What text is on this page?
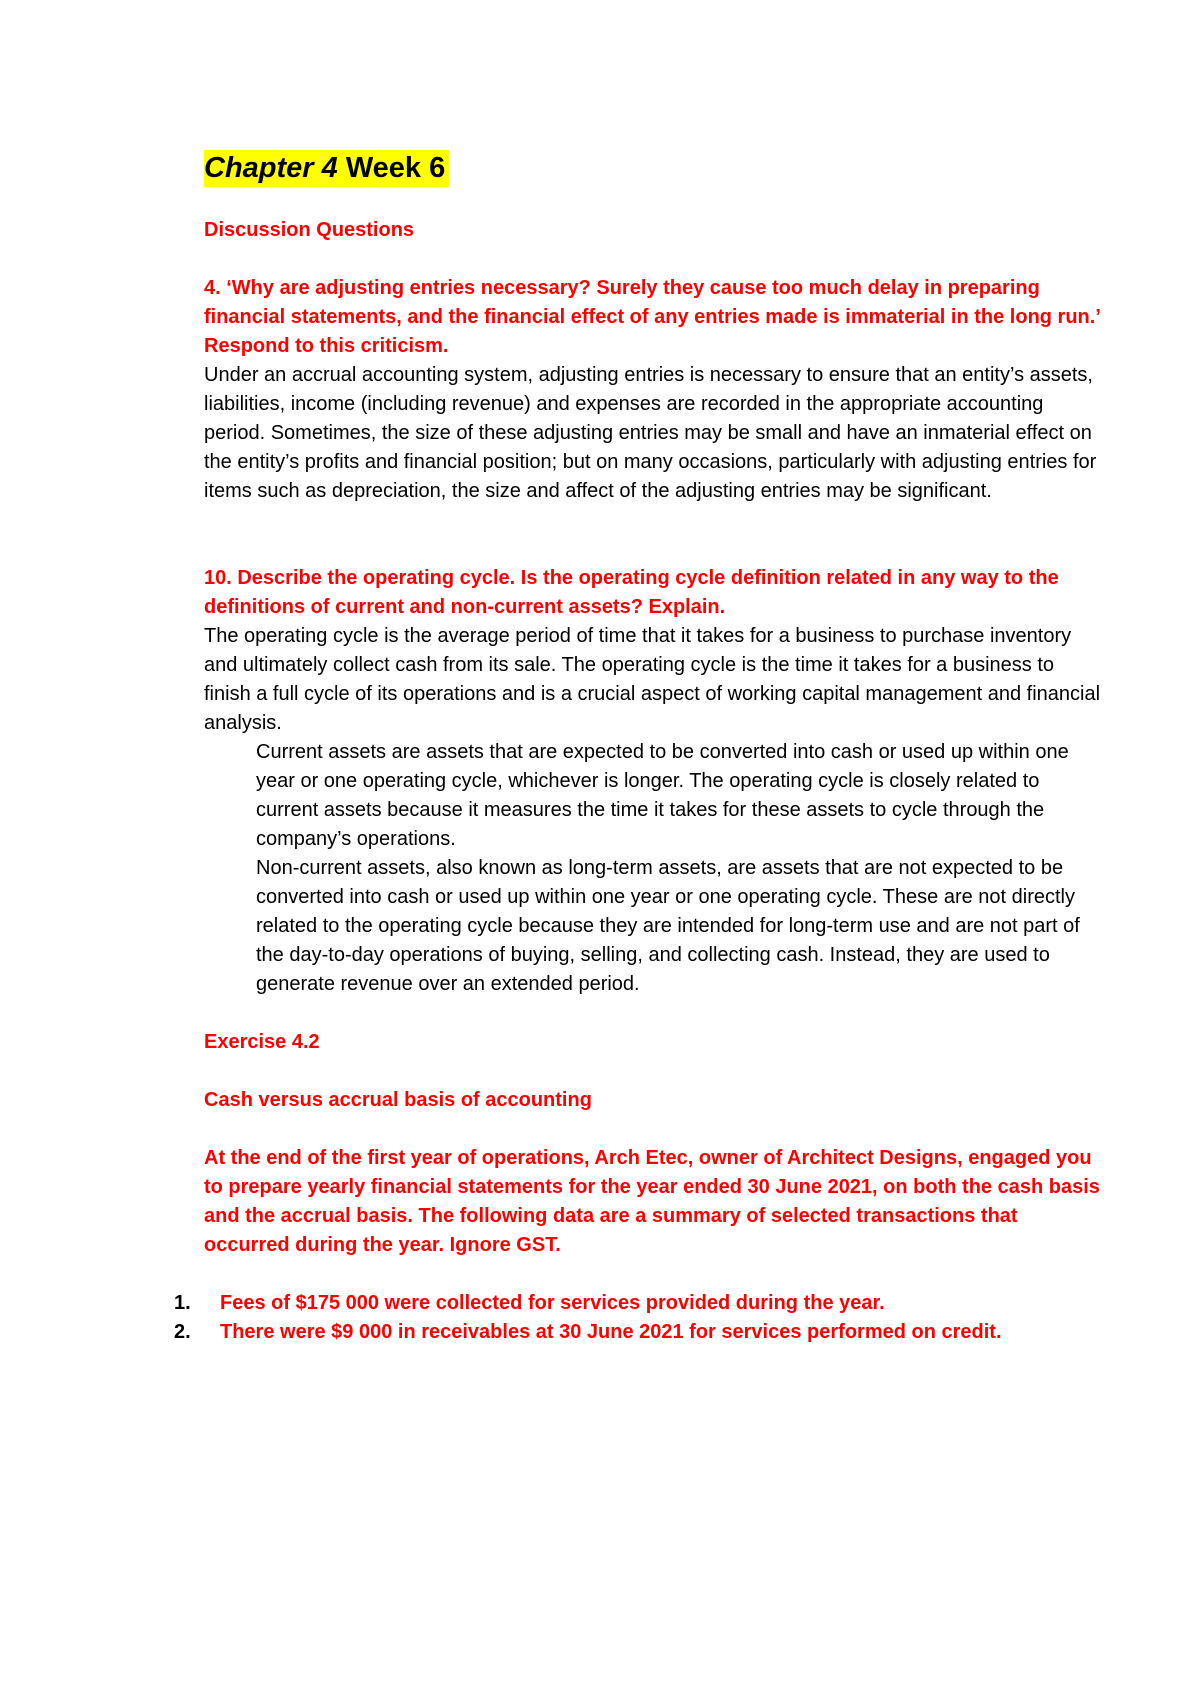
Chapter 4 Week 6

Discussion Questions

4. ‘Why are adjusting entries necessary? Surely they cause too much delay in preparing financial statements, and the financial effect of any entries made is immaterial in the long run.’ Respond to this criticism.

Under an accrual accounting system, adjusting entries is necessary to ensure that an entity’s assets, liabilities, income (including revenue) and expenses are recorded in the appropriate accounting period. Sometimes, the size of these adjusting entries may be small and have an inmaterial effect on the entity’s profits and financial position; but on many occasions, particularly with adjusting entries for items such as depreciation, the size and affect of the adjusting entries may be significant.

10. Describe the operating cycle. Is the operating cycle definition related in any way to the definitions of current and non-current assets? Explain.

The operating cycle is the average period of time that it takes for a business to purchase inventory

and ultimately collect cash from its sale. The operating cycle is the time it takes for a business to finish a full cycle of its operations and is a crucial aspect of working capital management and financial analysis.

Current assets are assets that are expected to be converted into cash or used up within one year or one operating cycle, whichever is longer. The operating cycle is closely related to current assets because it measures the time it takes for these assets to cycle through the company’s operations.

Non-current assets, also known as long-term assets, are assets that are not expected to be converted into cash or used up within one year or one operating cycle. These are not directly related to the operating cycle because they are intended for long-term use and are not part of the day-to-day operations of buying, selling, and collecting cash. Instead, they are used to generate revenue over an extended period.

Exercise 4.2

Cash versus accrual basis of accounting

At the end of the first year of operations, Arch Etec, owner of Architect Designs, engaged you to prepare yearly financial statements for the year ended 30 June 2021, on both the cash basis and the accrual basis. The following data are a summary of selected transactions that occurred during the year. Ignore GST.

1. Fees of $175 000 were collected for services provided during the year.
2. There were $9 000 in receivables at 30 June 2021 for services performed on credit.
